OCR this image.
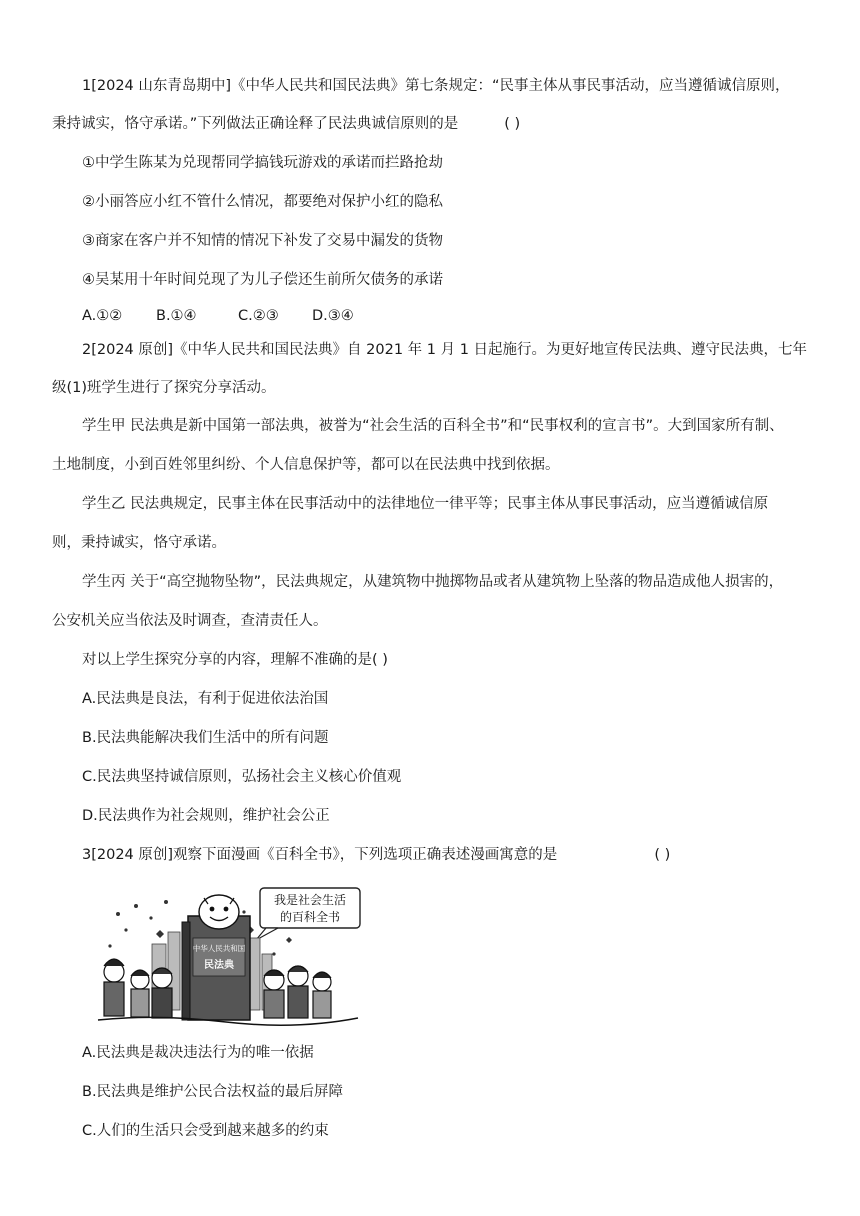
1[2024 山东青岛期中]《中华人民共和国民法典》第七条规定：“民事主体从事民事活动，应当遵循诚信原则，
秉持诚实，恪守承诺。”下列做法正确诠释了民法典诚信原则的是	( )
①中学生陈某为兑现帮同学搞钱玩游戏的承诺而拦路抢劫
②小丽答应小红不管什么情况，都要绝对保护小红的隐私
③商家在客户并不知情的情况下补发了交易中漏发的货物
④吴某用十年时间兑现了为儿子偿还生前所欠债务的承诺
A.①② B.①④	C.②③ D.③④
2[2024 原创]《中华人民共和国民法典》自 2021 年 1 月 1 日起施行。为更好地宣传民法典、遵守民法典，七年
级(1)班学生进行了探究分享活动。
学生甲 民法典是新中国第一部法典，被誉为“社会生活的百科全书”和“民事权利的宣言书”。大到国家所有制、
土地制度，小到百姓邻里纠纷、个人信息保护等，都可以在民法典中找到依据。
学生乙 民法典规定，民事主体在民事活动中的法律地位一律平等；民事主体从事民事活动，应当遵循诚信原
则，秉持诚实，恪守承诺。
学生丙 关于“高空抛物坠物”，民法典规定，从建筑物中抛掷物品或者从建筑物上坠落的物品造成他人损害的，
公安机关应当依法及时调查，查清责任人。
对以上学生探究分享的内容，理解不准确的是( )
A.民法典是良法，有利于促进依法治国
B.民法典能解决我们生活中的所有问题
C.民法典坚持诚信原则，弘扬社会主义核心价值观
D.民法典作为社会规则，维护社会公正
3[2024 原创]观察下面漫画《百科全书》，下列选项正确表述漫画寓意的是	( )
我是社会生活
的百科全书
中华人民共和国
民法典
A.民法典是裁决违法行为的唯一依据
B.民法典是维护公民合法权益的最后屏障
C.人们的生活只会受到越来越多的约束
